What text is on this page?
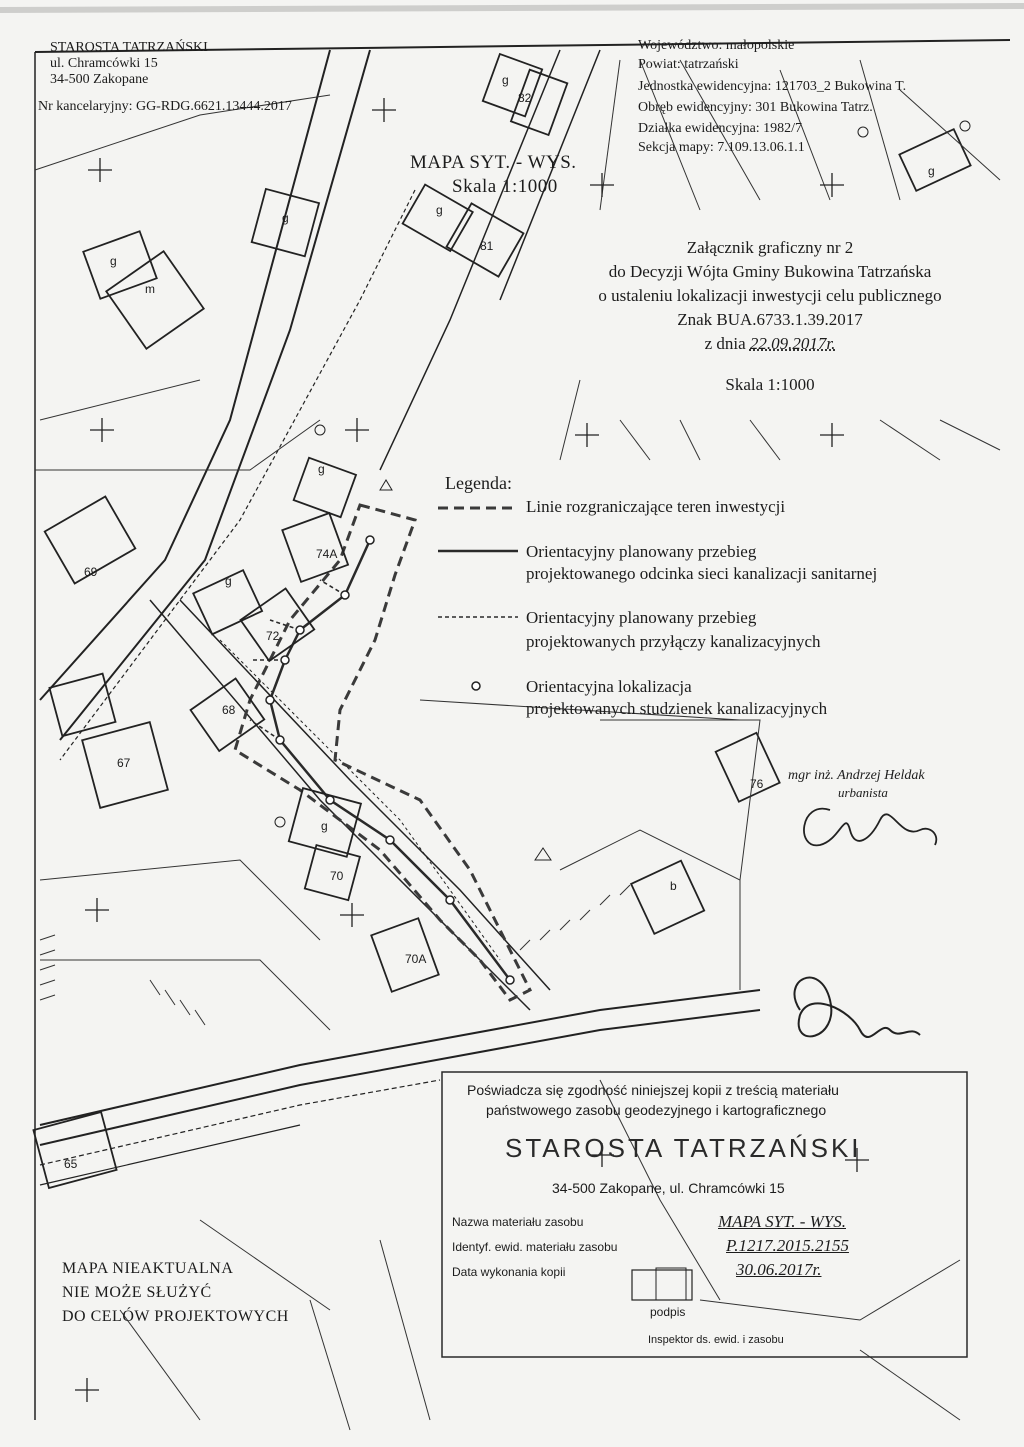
STAROSTA TATRZAŃSKI
ul. Chramcówki 15
34-500 Zakopane
Nr kancelaryjny: GG-RDG.6621.13444.2017
Województwo: małopolskie
Powiat: tatrzański
Jednostka ewidencyjna: 121703_2 Bukowina T.
Obręb ewidencyjny: 301 Bukowina Tatrz.
Działka ewidencyjna: 1982/7
Sekcja mapy: 7.109.13.06.1.1
MAPA SYT. - WYS.
Skala 1:1000
Załącznik graficzny nr 2
do Decyzji Wójta Gminy Bukowina Tatrzańska
o ustaleniu lokalizacji inwestycji celu publicznego
Znak BUA.6733.1.39.2017
z dnia 22.09.2017r.
Skala 1:1000
Legenda:
Linie rozgraniczające teren inwestycji
Orientacyjny planowany przebieg
projektowanego odcinka sieci kanalizacji sanitarnej
Orientacyjny planowany przebieg
projektowanych przyłączy kanalizacyjnych
Orientacyjna lokalizacja
projektowanych studzienek kanalizacyjnych
mgr inż. Andrzej Heldak
urbanista
g
g
g
m
81
82
g
74A
72
68
67
69
70
70A
76
65
g
b
g
g
g
Poświadcza się zgodność niniejszej kopii z treścią materiału
państwowego zasobu geodezyjnego i kartograficznego
STAROSTA TATRZAŃSKI
34-500 Zakopane, ul. Chramcówki 15
Nazwa materiału zasobu	MAPA SYT. - WYS.
Identyf. ewid. materiału zasobu	P.1217.2015.2155
Data wykonania kopii	30.06.2017r.
podpis
Inspektor ds. ewid. i zasobu
MAPA NIEAKTUALNA
NIE MOŻE SŁUŻYĆ
DO CELÓW PROJEKTOWYCH
